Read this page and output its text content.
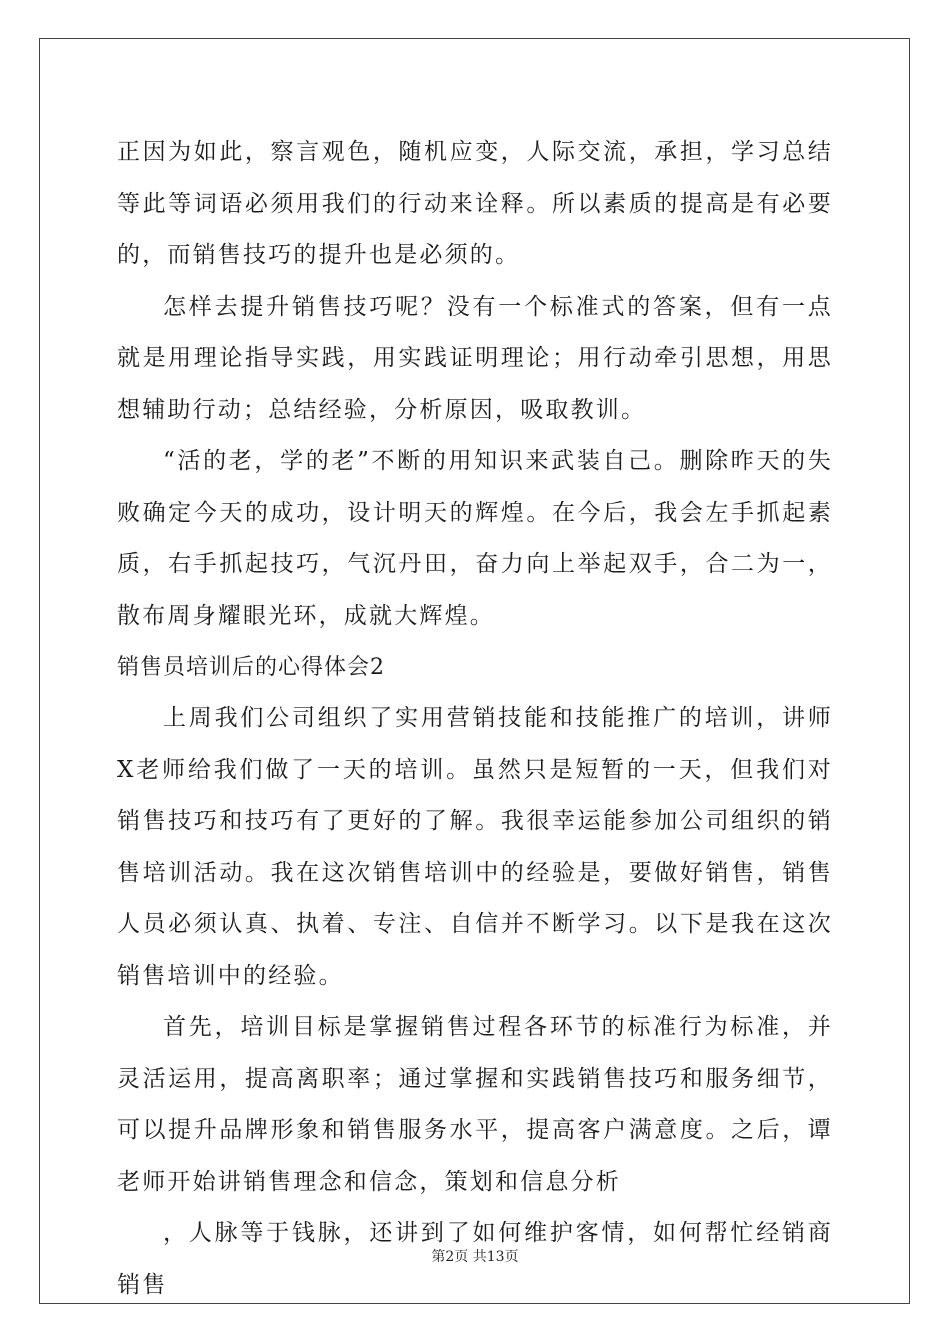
正因为如此，察言观色，随机应变，人际交流，承担，学习总结等此等词语必须用我们的行动来诠释。所以素质的提高是有必要的，而销售技巧的提升也是必须的。

怎样去提升销售技巧呢？没有一个标准式的答案，但有一点就是用理论指导实践，用实践证明理论；用行动牵引思想，用思想辅助行动；总结经验，分析原因，吸取教训。

“活的老，学的老”不断的用知识来武装自己。删除昨天的失败确定今天的成功，设计明天的辉煌。在今后，我会左手抓起素质，右手抓起技巧，气沉丹田，奋力向上举起双手，合二为一，散布周身耀眼光环，成就大辉煌。

销售员培训后的心得体会2

上周我们公司组织了实用营销技能和技能推广的培训，讲师X老师给我们做了一天的培训。虽然只是短暂的一天，但我们对销售技巧和技巧有了更好的了解。我很幸运能参加公司组织的销售培训活动。我在这次销售培训中的经验是，要做好销售，销售人员必须认真、执着、专注、自信并不断学习。以下是我在这次销售培训中的经验。

首先，培训目标是掌握销售过程各环节的标准行为标准，并灵活运用，提高离职率；通过掌握和实践销售技巧和服务细节，可以提升品牌形象和销售服务水平，提高客户满意度。之后，谭老师开始讲销售理念和信念，策划和信息分析

，人脉等于钱脉，还讲到了如何维护客情，如何帮忙经销商销售

第2页 共13页
